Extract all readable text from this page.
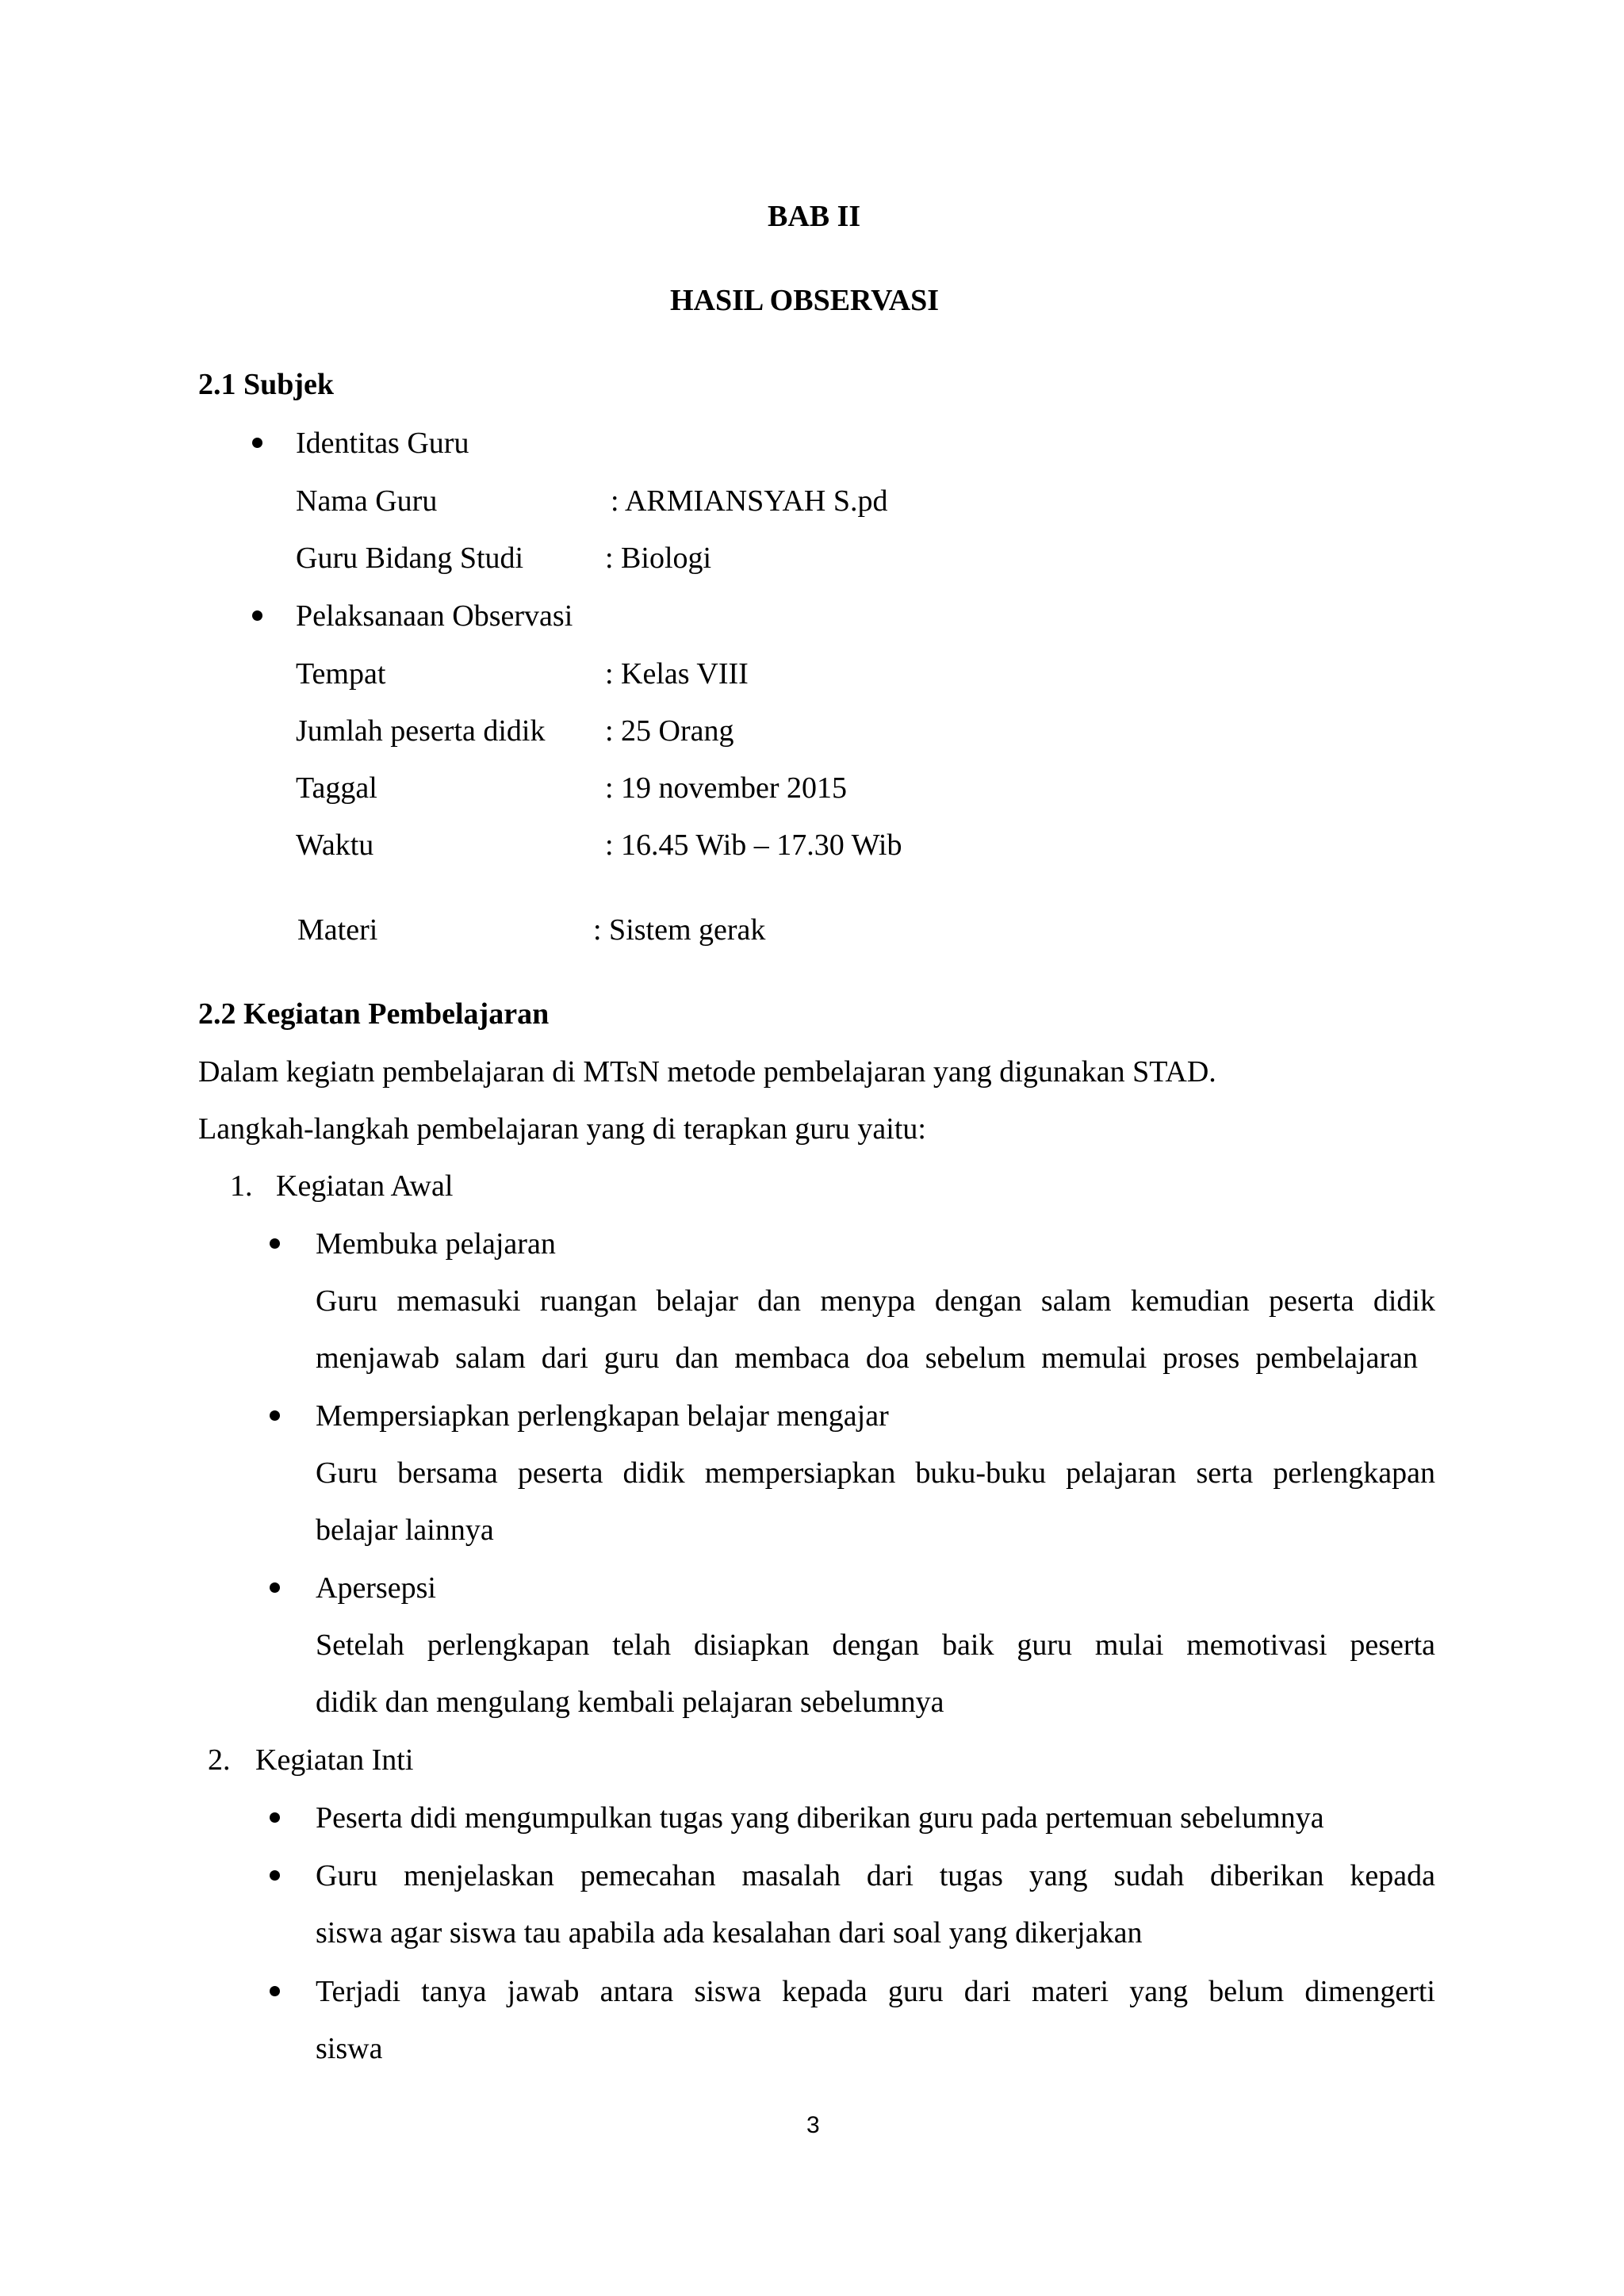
BAB II
HASIL OBSERVASI
2.1 Subjek
Identitas Guru
Nama Guru	: ARMIANSYAH S.pd
Guru Bidang Studi	: Biologi
Pelaksanaan Observasi
Tempat	: Kelas VIII
Jumlah peserta didik : 25 Orang
Taggal	: 19 november 2015
Waktu	: 16.45 Wib – 17.30 Wib
Materi	: Sistem gerak
2.2 Kegiatan Pembelajaran
Dalam kegiatn pembelajaran di MTsN metode pembelajaran yang digunakan STAD.
Langkah-langkah pembelajaran yang di terapkan guru yaitu:
1. Kegiatan Awal
Membuka pelajaran
Guru memasuki ruangan belajar dan menypa dengan salam kemudian peserta didik
menjawab salam dari guru dan membaca doa sebelum memulai proses pembelajaran
Mempersiapkan perlengkapan belajar mengajar
Guru bersama peserta didik mempersiapkan buku-buku pelajaran serta perlengkapan
belajar lainnya
Apersepsi
Setelah perlengkapan telah disiapkan dengan baik guru mulai memotivasi peserta
didik dan mengulang kembali pelajaran sebelumnya
2. Kegiatan Inti
Peserta didi mengumpulkan tugas yang diberikan guru pada pertemuan sebelumnya
Guru menjelaskan pemecahan masalah dari tugas yang sudah diberikan kepada
siswa agar siswa tau apabila ada kesalahan dari soal yang dikerjakan
Terjadi tanya jawab antara siswa kepada guru dari materi yang belum dimengerti
siswa
3
